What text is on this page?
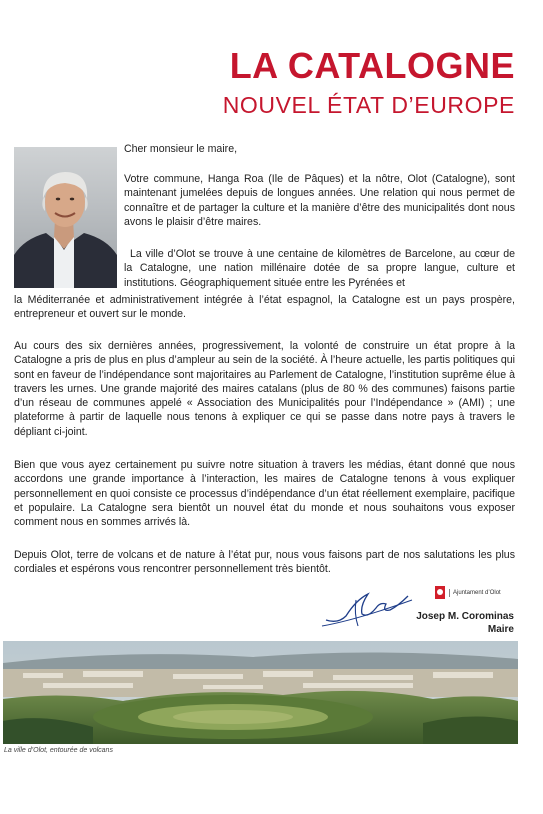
LA CATALOGNE
NOUVEL ÉTAT D’EUROPE
Cher monsieur le maire,
Votre commune, Hanga Roa (Ile de Pâques) et la nôtre, Olot (Catalogne), sont maintenant jumelées depuis de longues années. Une relation qui nous permet de connaître et de partager la culture et la manière d’être des municipalités dont nous avons le plaisir d’être maires.
La ville d’Olot se trouve à une centaine de kilomètres de Barcelone, au cœur de la Catalogne, une nation millénaire dotée de sa propre langue, culture et institutions. Géographiquement située entre les Pyrénées et
la Méditerranée et administrativement intégrée à l’état espagnol, la Catalogne est un pays prospère, entrepreneur et ouvert sur le monde.
Au cours des six dernières années, progressivement, la volonté de construire un état propre à la Catalogne a pris de plus en plus d’ampleur au sein de la société. À l’heure actuelle, les partis politiques qui sont en faveur de l’indépendance sont majoritaires au Parlement de Catalogne, l’institution suprême élue à travers les urnes. Une grande majorité des maires catalans (plus de 80 % des communes) faisons partie d’un réseau de communes appelé « Association des Municipalités pour l’Indépendance » (AMI) ; une plateforme à partir de laquelle nous tenons à expliquer ce qui se passe dans notre pays à travers le dépliant ci-joint.
Bien que vous ayez certainement pu suivre notre situation à travers les médias, étant donné que nous accordons une grande importance à l’interaction, les maires de Catalogne tenons à vous expliquer personnellement en quoi consiste ce processus d’indépendance d’un état réellement exemplaire, pacifique et populaire. La Catalogne sera bientôt un nouvel état du monde et nous souhaitons vous exposer comment nous en sommes arrivés là.
Depuis Olot, terre de volcans et de nature à l’état pur, nous vous faisons part de nos salutations les plus cordiales et espérons vous rencontrer personnellement très bientôt.
Ajuntament d’Olot
Josep M. Corominas
Maire
La ville d’Olot, entourée de volcans
